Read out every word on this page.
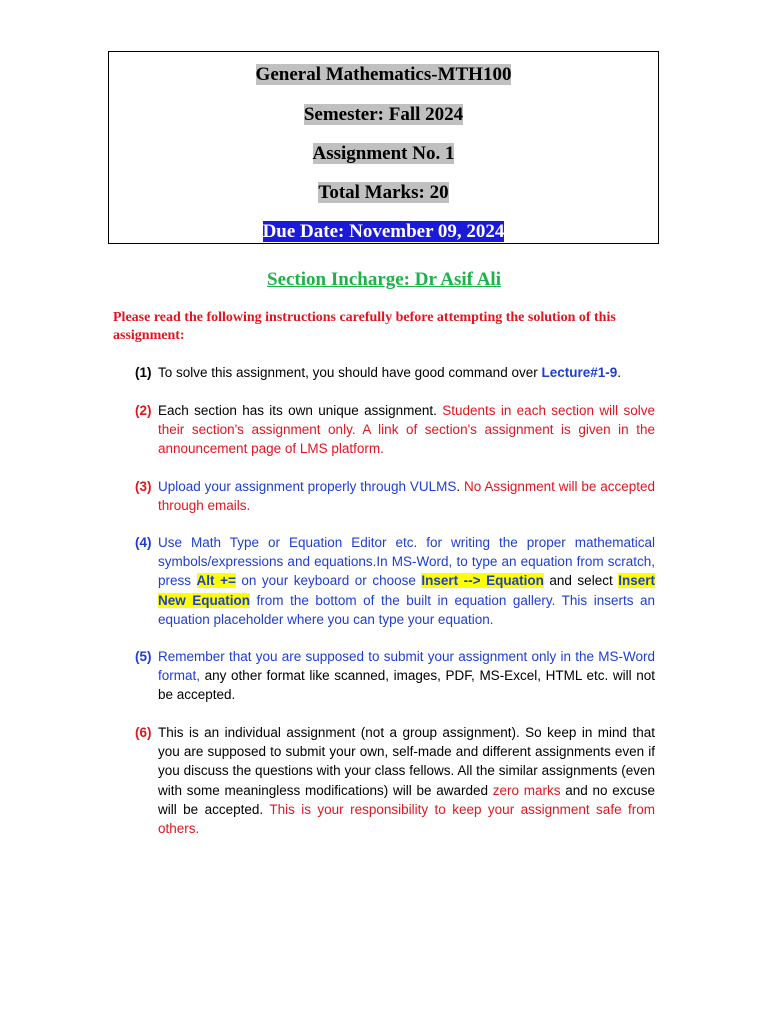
General Mathematics-MTH100
Semester: Fall 2024
Assignment No. 1
Total Marks: 20
Due Date: November 09, 2024
Section Incharge: Dr Asif Ali
Please read the following instructions carefully before attempting the solution of this assignment:
(1) To solve this assignment, you should have good command over Lecture#1-9.
(2) Each section has its own unique assignment. Students in each section will solve their section's assignment only. A link of section's assignment is given in the announcement page of LMS platform.
(3) Upload your assignment properly through VULMS. No Assignment will be accepted through emails.
(4) Use Math Type or Equation Editor etc. for writing the proper mathematical symbols/expressions and equations.In MS-Word, to type an equation from scratch, press Alt += on your keyboard or choose Insert --> Equation and select Insert New Equation from the bottom of the built in equation gallery. This inserts an equation placeholder where you can type your equation.
(5) Remember that you are supposed to submit your assignment only in the MS-Word format, any other format like scanned, images, PDF, MS-Excel, HTML etc. will not be accepted.
(6) This is an individual assignment (not a group assignment). So keep in mind that you are supposed to submit your own, self-made and different assignments even if you discuss the questions with your class fellows. All the similar assignments (even with some meaningless modifications) will be awarded zero marks and no excuse will be accepted. This is your responsibility to keep your assignment safe from others.
